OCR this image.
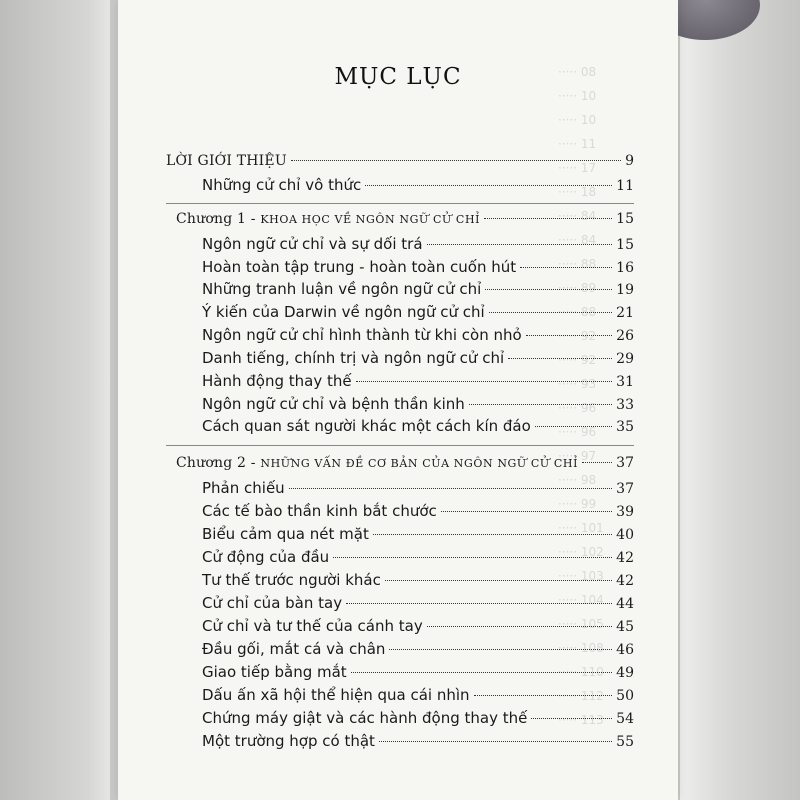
····· 08
····· 10
····· 10
····· 11
····· 17
····· 18
····· 84
····· 84
····· 88
····· 89
····· 88
····· 92
····· 92
····· 93
····· 96
····· 96
····· 97
····· 98
····· 99
····· 101
····· 102
····· 103
····· 104
····· 105
····· 108
····· 110
····· 112
····· 113
MỤC LỤC
LỜI GIỚI THIỆU	9
Những cử chỉ vô thức	11
Chương 1 - KHOA HỌC VỀ NGÔN NGỮ CỬ CHỈ	15
Ngôn ngữ cử chỉ và sự dối trá	15
Hoàn toàn tập trung - hoàn toàn cuốn hút	16
Những tranh luận về ngôn ngữ cử chỉ	19
Ý kiến của Darwin về ngôn ngữ cử chỉ	21
Ngôn ngữ cử chỉ hình thành từ khi còn nhỏ	26
Danh tiếng, chính trị và ngôn ngữ cử chỉ	29
Hành động thay thế	31
Ngôn ngữ cử chỉ và bệnh thần kinh	33
Cách quan sát người khác một cách kín đáo	35
Chương 2 - NHỮNG VẤN ĐỀ CƠ BẢN CỦA NGÔN NGỮ CỬ CHỈ	37
Phản chiếu	37
Các tế bào thần kinh bắt chước	39
Biểu cảm qua nét mặt	40
Cử động của đầu	42
Tư thế trước người khác	42
Cử chỉ của bàn tay	44
Cử chỉ và tư thế của cánh tay	45
Đầu gối, mắt cá và chân	46
Giao tiếp bằng mắt	49
Dấu ấn xã hội thể hiện qua cái nhìn	50
Chứng máy giật và các hành động thay thế	54
Một trường hợp có thật	55
